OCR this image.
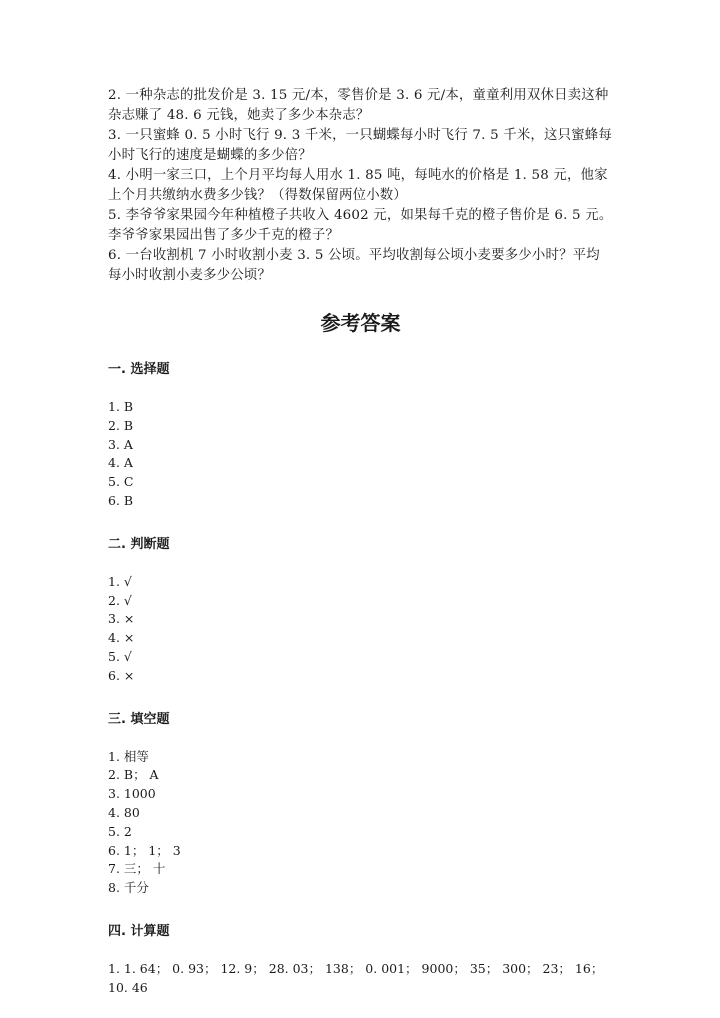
2. 一种杂志的批发价是 3. 15 元/本，零售价是 3. 6 元/本，童童利用双休日卖这种杂志赚了 48. 6 元钱，她卖了多少本杂志？

3. 一只蜜蜂 0. 5 小时飞行 9. 3 千米，一只蝴蝶每小时飞行 7. 5 千米，这只蜜蜂每小时飞行的速度是蝴蝶的多少倍？

4. 小明一家三口，上个月平均每人用水 1. 85 吨，每吨水的价格是 1. 58 元，他家上个月共缴纳水费多少钱？（得数保留两位小数）

5. 李爷爷家果园今年种植橙子共收入 4602 元，如果每千克的橙子售价是 6. 5 元。李爷爷家果园出售了多少千克的橙子？

6. 一台收割机 7 小时收割小麦 3. 5 公顷。平均收割每公顷小麦要多少小时？平均每小时收割小麦多少公顷？

参考答案
一. 选择题
1. B
2. B
3. A
4. A
5. C
6. B
二. 判断题
1. √
2. √
3. ×
4. ×
5. √
6. ×
三. 填空题
1. 相等
2. B； A
3. 1000
4. 80
5. 2
6. 1； 1； 3
7. 三； 十
8. 千分
四. 计算题
1. 1. 64； 0. 93； 12. 9； 28. 03； 138； 0. 001； 9000； 35； 300； 23； 16； 10. 46
